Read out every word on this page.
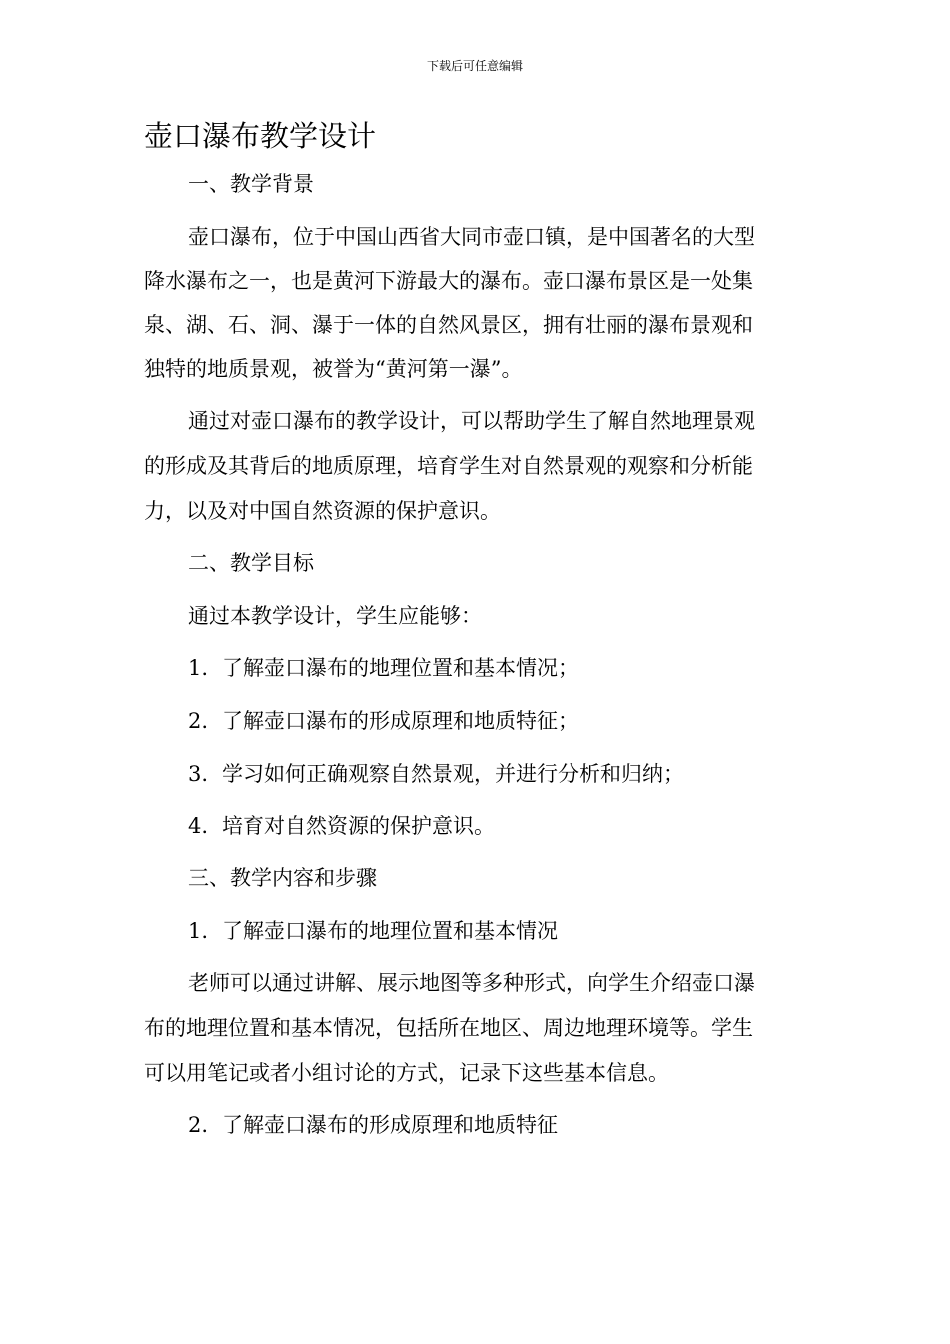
下载后可任意编辑
壶口瀑布教学设计

一、教学背景

壶口瀑布，位于中国山西省大同市壶口镇，是中国著名的大型

降水瀑布之一，也是黄河下游最大的瀑布。壶口瀑布景区是一处集

泉、湖、石、洞、瀑于一体的自然风景区，拥有壮丽的瀑布景观和

独特的地质景观，被誉为“黄河第一瀑”。

通过对壶口瀑布的教学设计，可以帮助学生了解自然地理景观

的形成及其背后的地质原理，培育学生对自然景观的观察和分析能

力，以及对中国自然资源的保护意识。

二、教学目标

通过本教学设计，学生应能够：

1. 了解壶口瀑布的地理位置和基本情况；

2. 了解壶口瀑布的形成原理和地质特征；

3. 学习如何正确观察自然景观，并进行分析和归纳；

4. 培育对自然资源的保护意识。

三、教学内容和步骤

1. 了解壶口瀑布的地理位置和基本情况

老师可以通过讲解、展示地图等多种形式，向学生介绍壶口瀑

布的地理位置和基本情况，包括所在地区、周边地理环境等。学生

可以用笔记或者小组讨论的方式，记录下这些基本信息。

2. 了解壶口瀑布的形成原理和地质特征
